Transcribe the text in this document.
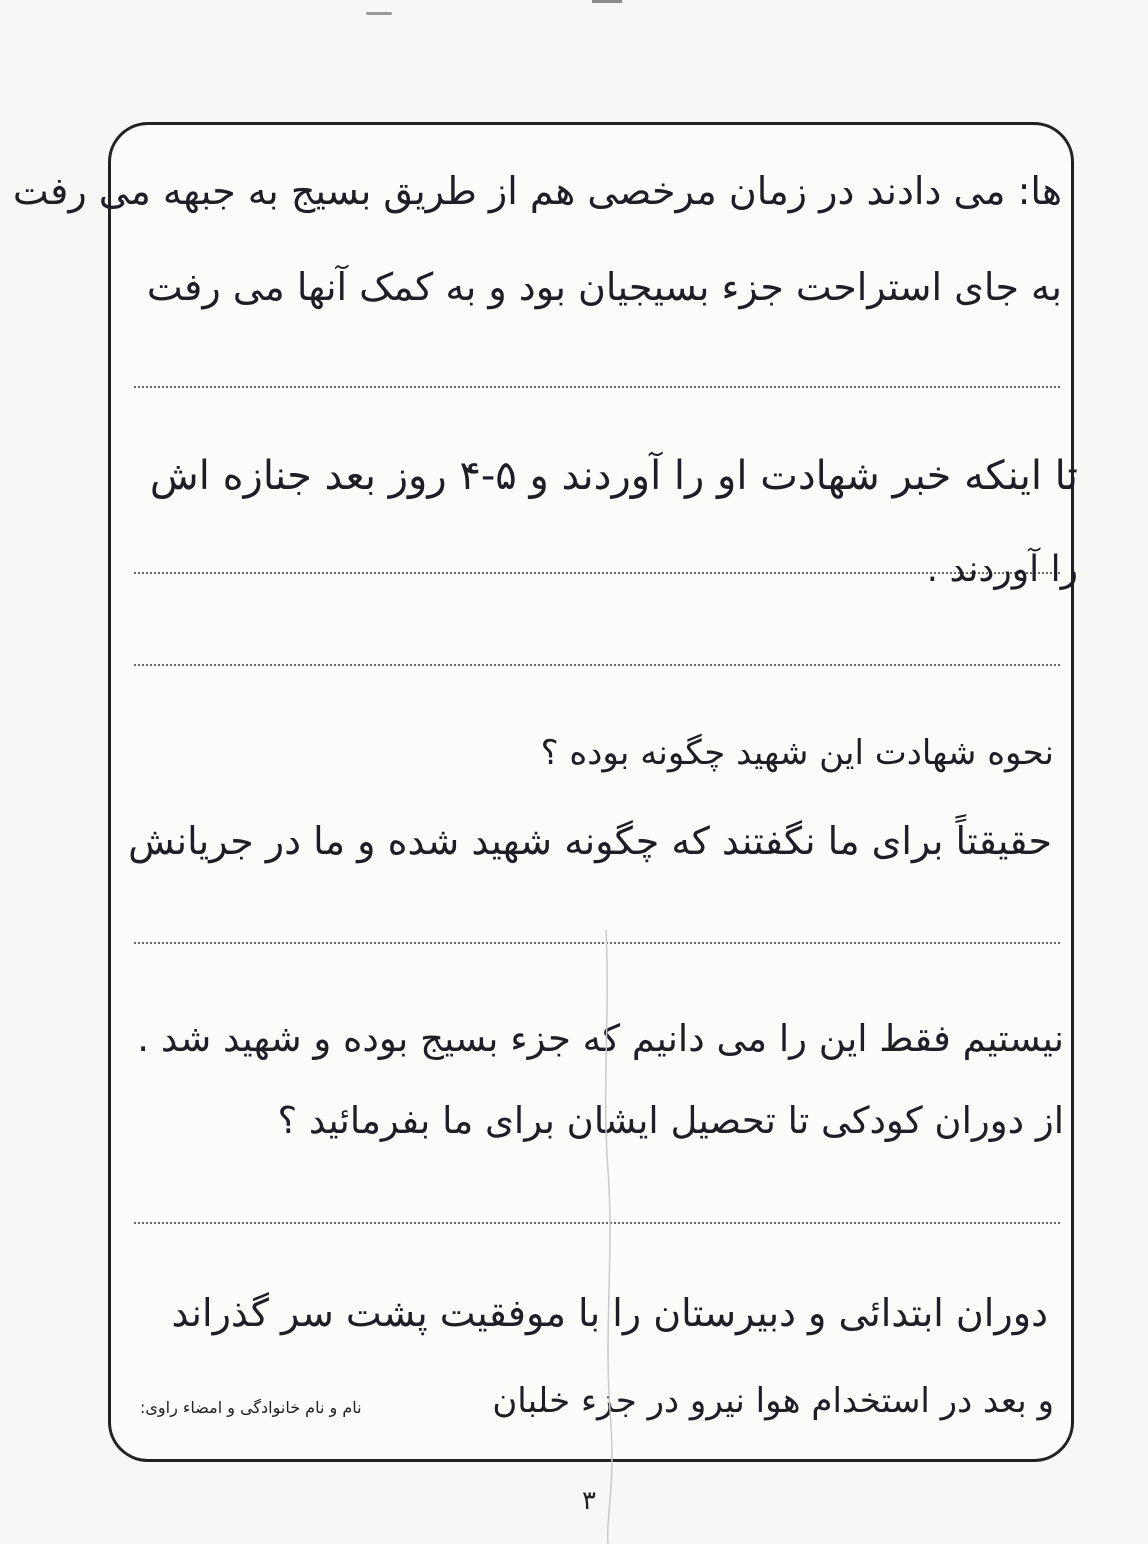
ها: می دادند در زمان مرخصی هم از طریق بسیج به جبهه می رفت
به جای استراحت جزء بسیجیان بود و به کمک آنها می رفت
تا اینکه خبر شهادت او را آوردند و ۵-۴ روز بعد جنازه اش
را آوردند .
نحوه شهادت این شهید چگونه بوده ؟
حقیقتاً برای ما نگفتند که چگونه شهید شده و ما در جریانش
نیستیم فقط این را می دانیم که جزء بسیج بوده و شهید شد .
از دوران کودکی تا تحصیل ایشان برای ما بفرمائید ؟
دوران ابتدائی و دبیرستان را با موفقیت پشت سر گذراند
و بعد در استخدام هوا نیرو در جزء خلبان
نام و نام خانوادگی و امضاء راوی:
۳
